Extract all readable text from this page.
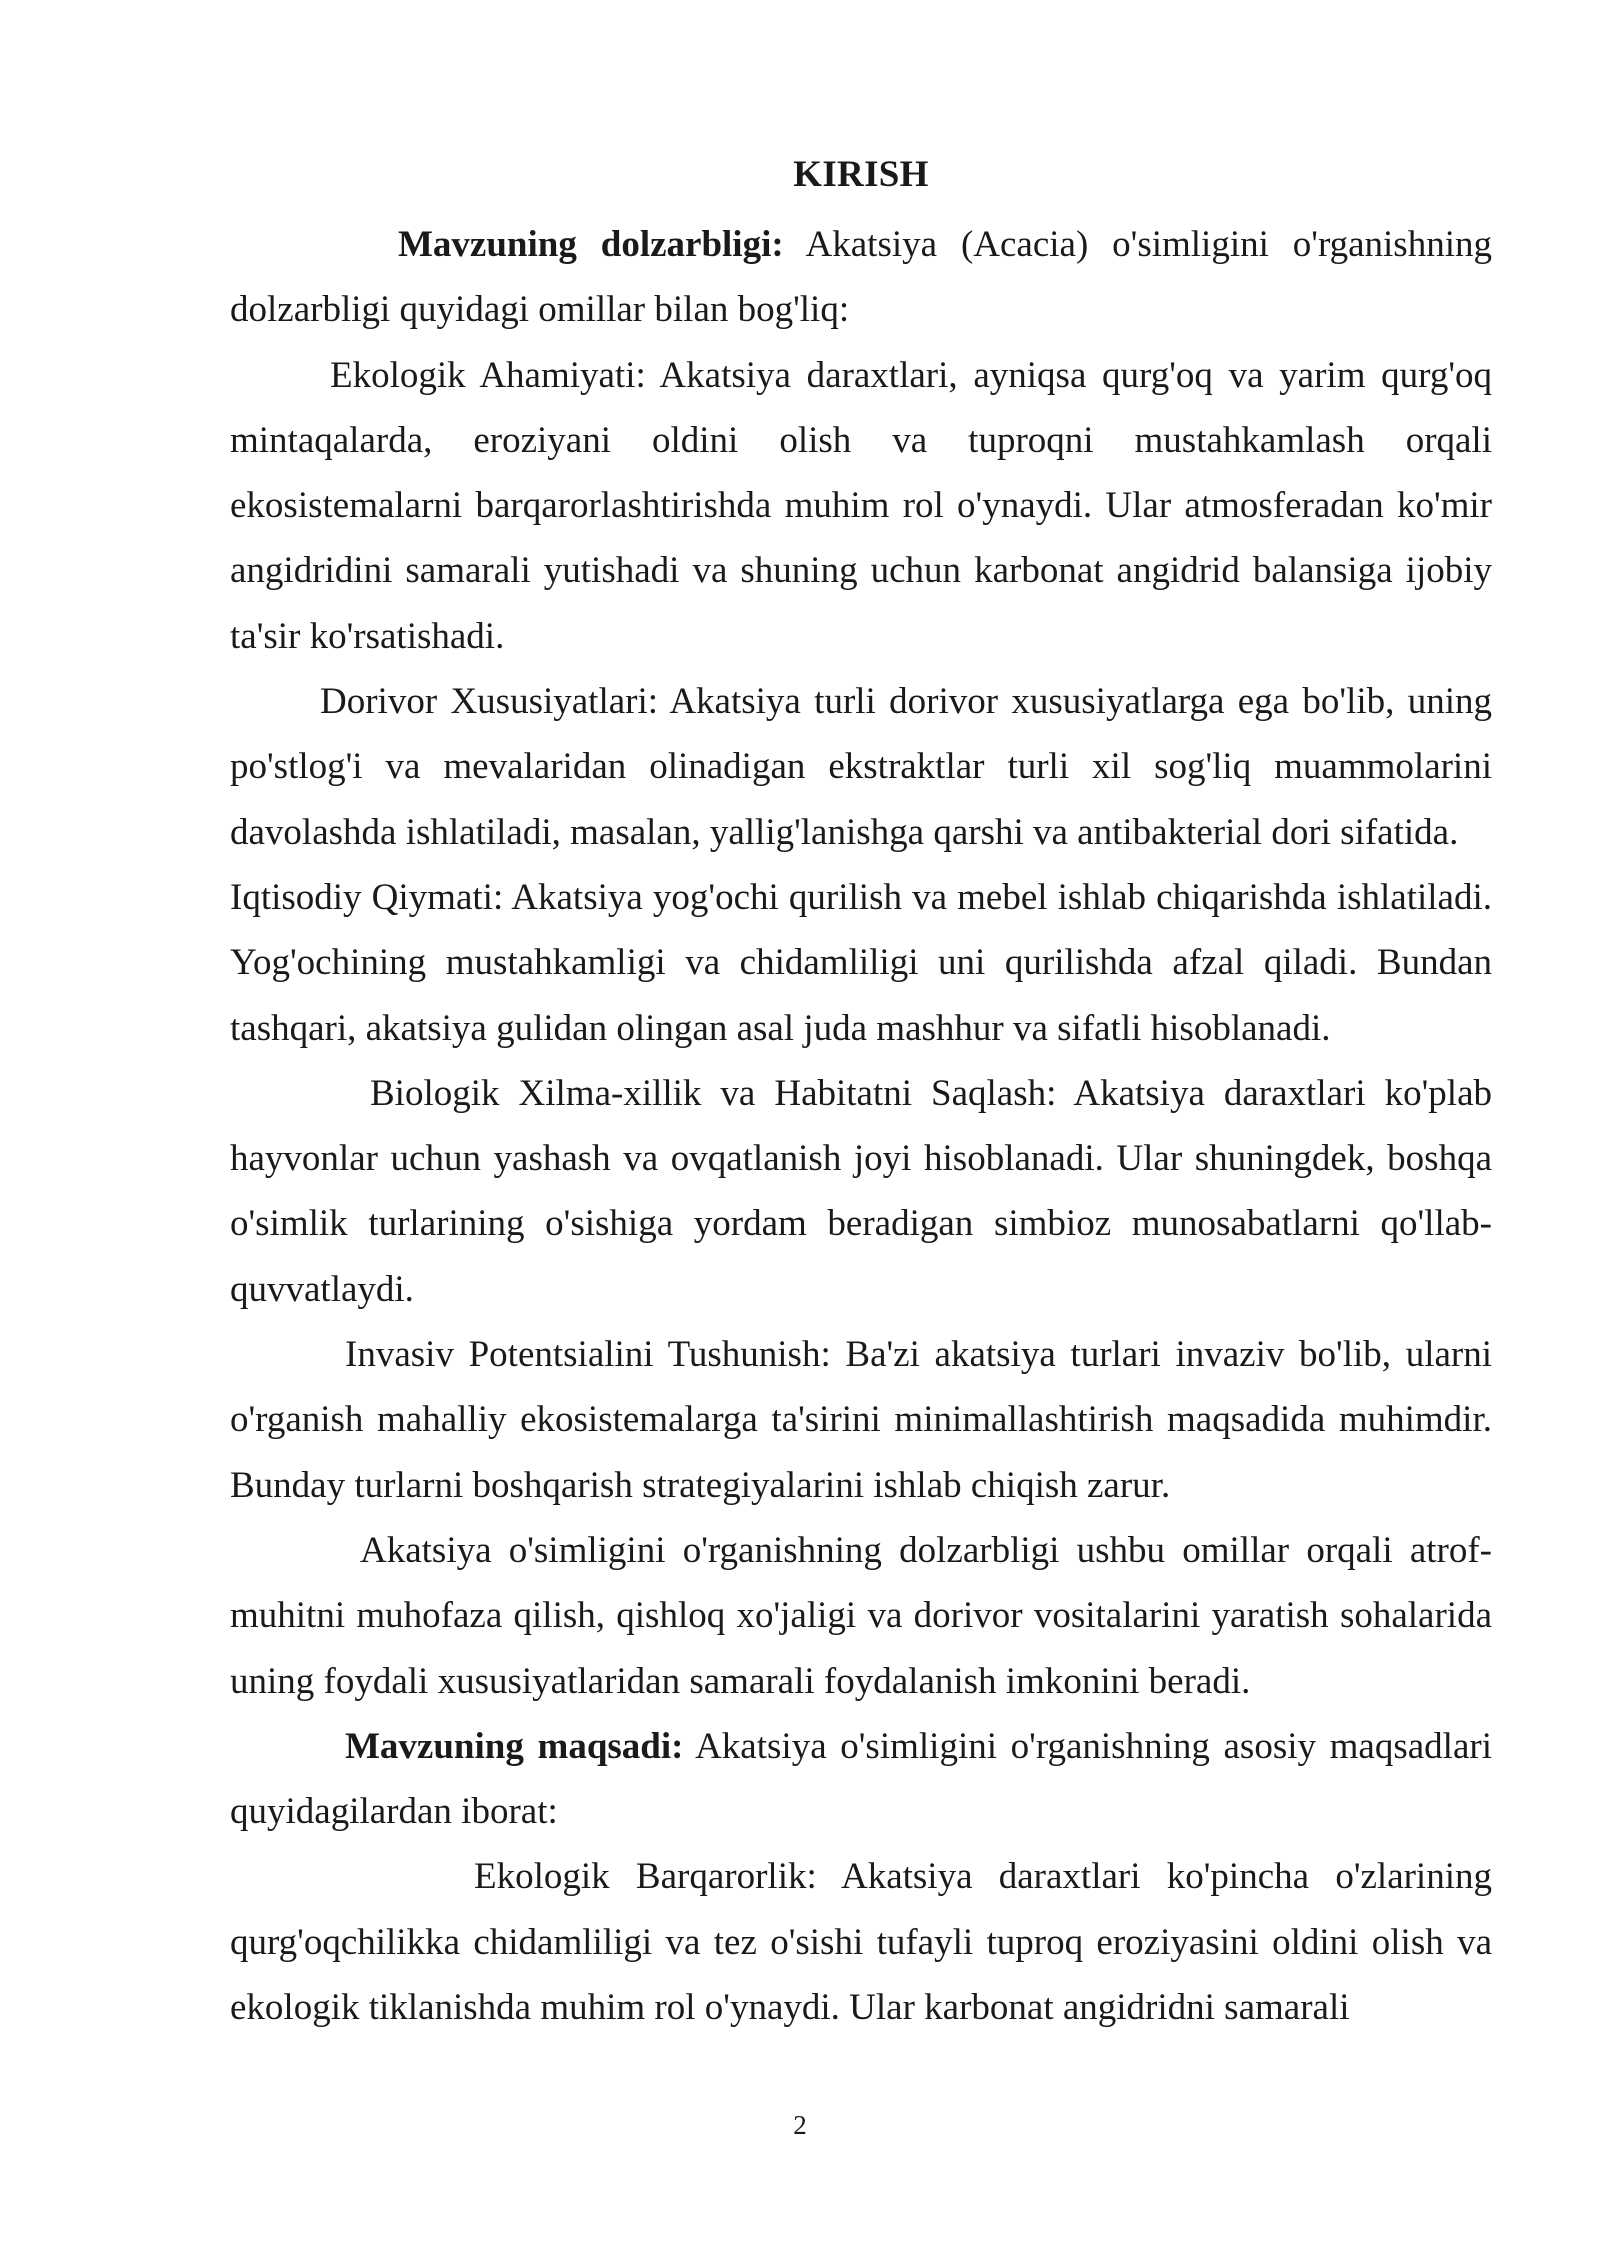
KIRISH

Mavzuning dolzarbligi: Akatsiya (Acacia) o'simligini o'rganishning dolzarbligi quyidagi omillar bilan bog'liq:

Ekologik Ahamiyati: Akatsiya daraxtlari, ayniqsa qurg'oq va yarim qurg'oq mintaqalarda, eroziyani oldini olish va tuproqni mustahkamlash orqali ekosistemalarni barqarorlashtirishda muhim rol o'ynaydi. Ular atmosferadan ko'mir angidridini samarali yutishadi va shuning uchun karbonat angidrid balansiga ijobiy ta'sir ko'rsatishadi.

Dorivor Xususiyatlari: Akatsiya turli dorivor xususiyatlarga ega bo'lib, uning po'stlog'i va mevalaridan olinadigan ekstraktlar turli xil sog'liq muammolarini davolashda ishlatiladi, masalan, yallig'lanishga qarshi va antibakterial dori sifatida.

Iqtisodiy Qiymati: Akatsiya yog'ochi qurilish va mebel ishlab chiqarishda ishlatiladi. Yog'ochining mustahkamligi va chidamliligi uni qurilishda afzal qiladi. Bundan tashqari, akatsiya gulidan olingan asal juda mashhur va sifatli hisoblanadi.

Biologik Xilma-xillik va Habitatni Saqlash: Akatsiya daraxtlari ko'plab hayvonlar uchun yashash va ovqatlanish joyi hisoblanadi. Ular shuningdek, boshqa o'simlik turlarining o'sishiga yordam beradigan simbioz munosabatlarni qo'llab-quvvatlaydi.

Invasiv Potentsialini Tushunish: Ba'zi akatsiya turlari invaziv bo'lib, ularni o'rganish mahalliy ekosistemalarga ta'sirini minimallashtirish maqsadida muhimdir. Bunday turlarni boshqarish strategiyalarini ishlab chiqish zarur.

Akatsiya o'simligini o'rganishning dolzarbligi ushbu omillar orqali atrof-muhitni muhofaza qilish, qishloq xo'jaligi va dorivor vositalarini yaratish sohalarida uning foydali xususiyatlaridan samarali foydalanish imkonini beradi.

Mavzuning maqsadi: Akatsiya o'simligini o'rganishning asosiy maqsadlari quyidagilardan iborat:

Ekologik Barqarorlik: Akatsiya daraxtlari ko'pincha o'zlarining qurg'oqchilikka chidamliligi va tez o'sishi tufayli tuproq eroziyasini oldini olish va ekologik tiklanishda muhim rol o'ynaydi. Ular karbonat angidridni samarali

2
